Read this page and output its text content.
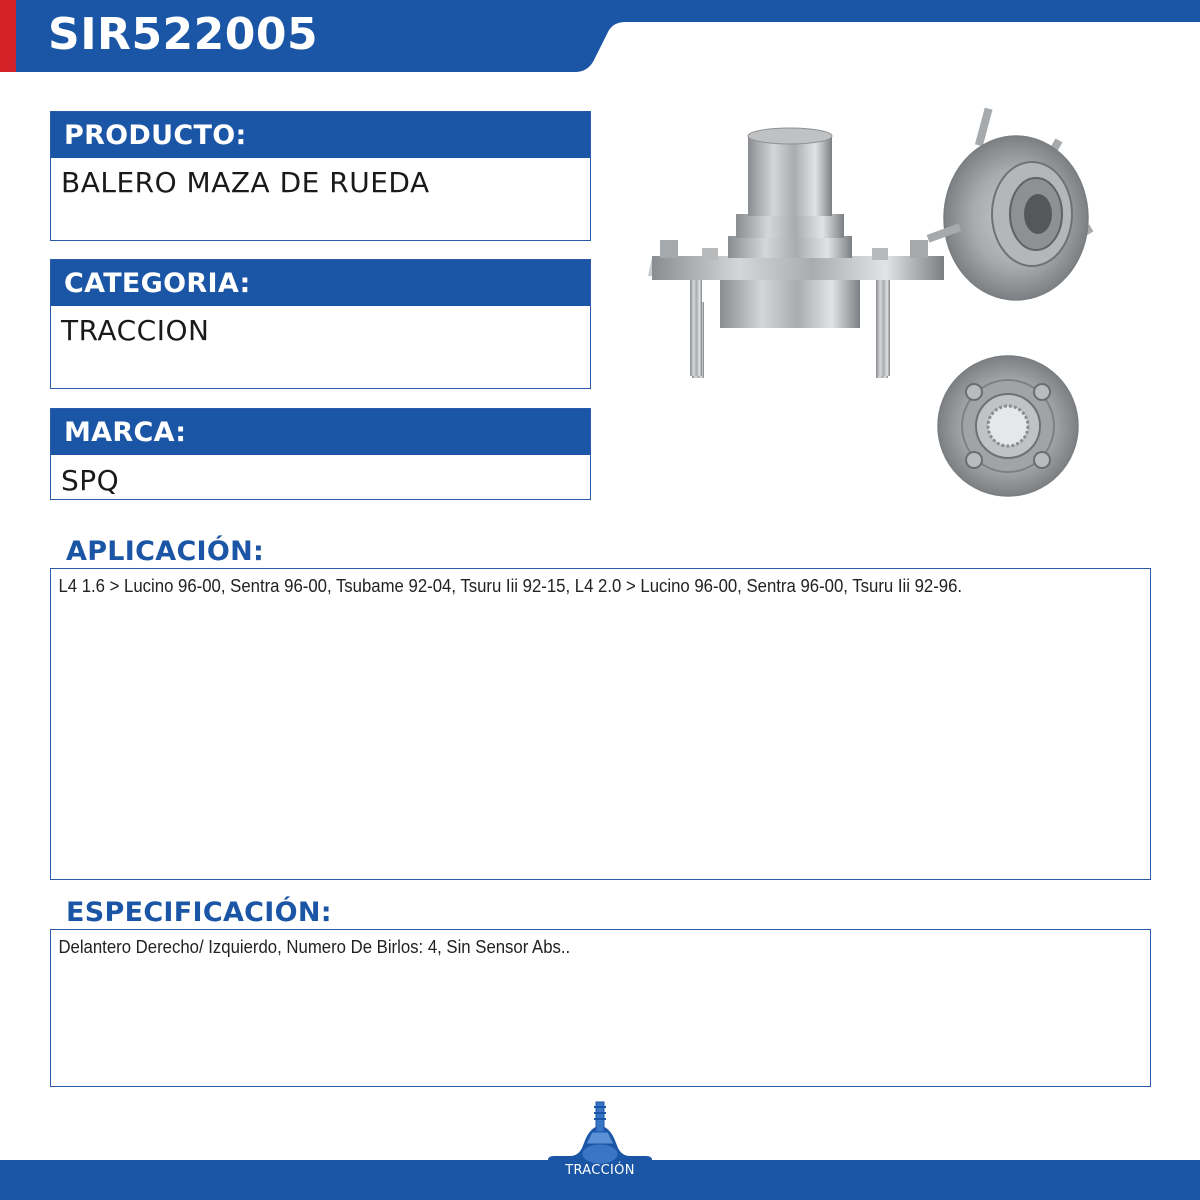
SIR522005
PRODUCTO:
BALERO MAZA DE RUEDA
CATEGORIA:
TRACCION
MARCA:
SPQ
APLICACIÓN:

L4 1.6 > Lucino 96-00, Sentra 96-00, Tsubame 92-04, Tsuru Iii 92-15, L4 2.0 > Lucino 96-00, Sentra 96-00, Tsuru Iii 92-96.

ESPECIFICACIÓN:

Delantero Derecho/ Izquierdo, Numero De Birlos: 4, Sin Sensor Abs..

TRACCIÓN
